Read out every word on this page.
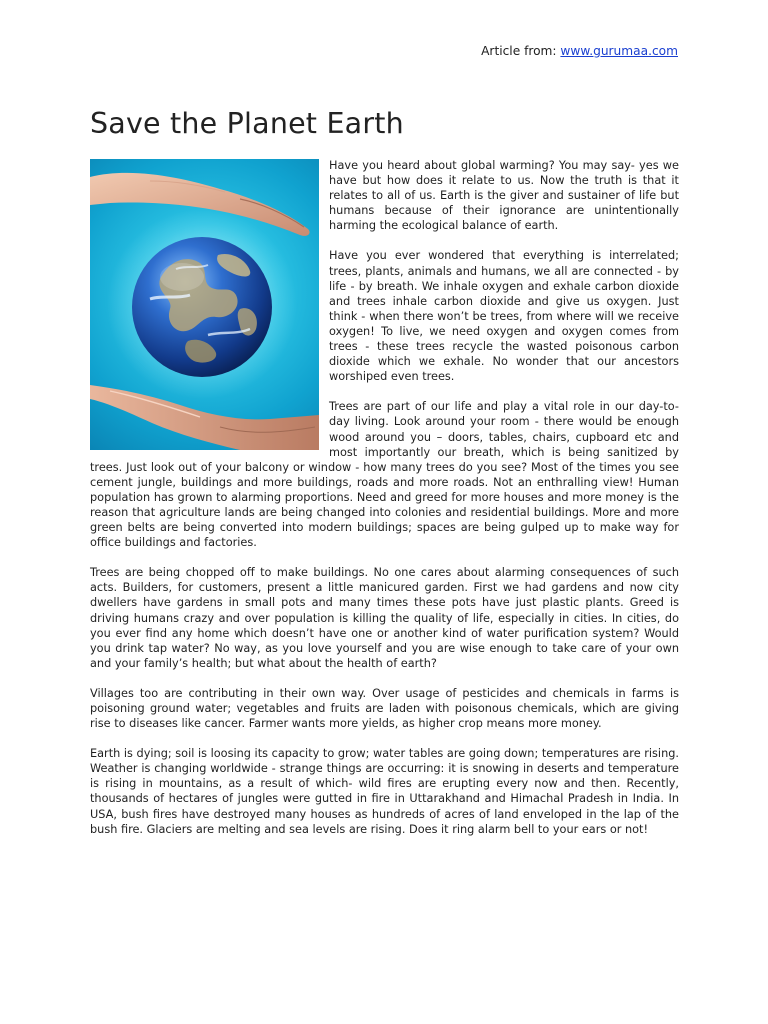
Article from: www.gurumaa.com
Save the Planet Earth

Have you heard about global warming? You may say- yes we have but how does it relate to us. Now the truth is that it relates to all of us. Earth is the giver and sustainer of life but humans because of their ignorance are unintentionally harming the ecological balance of earth.

Have you ever wondered that everything is interrelated; trees, plants, animals and humans, we all are connected - by life - by breath. We inhale oxygen and exhale carbon dioxide and trees inhale carbon dioxide and give us oxygen. Just think - when there won’t be trees, from where will we receive oxygen! To live, we need oxygen and oxygen comes from trees - these trees recycle the wasted poisonous carbon dioxide which we exhale. No wonder that our ancestors worshiped even trees.

Trees are part of our life and play a vital role in our day-to-day living. Look around your room - there would be enough wood around you – doors, tables, chairs, cupboard etc and most importantly our breath, which is being sanitized by trees. Just look out of your balcony or window - how many trees do you see? Most of the times you see cement jungle, buildings and more buildings, roads and more roads. Not an enthralling view! Human population has grown to alarming proportions. Need and greed for more houses and more money is the reason that agriculture lands are being changed into colonies and residential buildings. More and more green belts are being converted into modern buildings; spaces are being gulped up to make way for office buildings and factories.

Trees are being chopped off to make buildings. No one cares about alarming consequences of such acts. Builders, for customers, present a little manicured garden. First we had gardens and now city dwellers have gardens in small pots and many times these pots have just plastic plants. Greed is driving humans crazy and over population is killing the quality of life, especially in cities. In cities, do you ever find any home which doesn’t have one or another kind of water purification system? Would you drink tap water? No way, as you love yourself and you are wise enough to take care of your own and your family’s health; but what about the health of earth?

Villages too are contributing in their own way. Over usage of pesticides and chemicals in farms is poisoning ground water; vegetables and fruits are laden with poisonous chemicals, which are giving rise to diseases like cancer. Farmer wants more yields, as higher crop means more money.

Earth is dying; soil is loosing its capacity to grow; water tables are going down; temperatures are rising. Weather is changing worldwide - strange things are occurring: it is snowing in deserts and temperature is rising in mountains, as a result of which- wild fires are erupting every now and then. Recently, thousands of hectares of jungles were gutted in fire in Uttarakhand and Himachal Pradesh in India. In USA, bush fires have destroyed many houses as hundreds of acres of land enveloped in the lap of the bush fire. Glaciers are melting and sea levels are rising. Does it ring alarm bell to your ears or not!
